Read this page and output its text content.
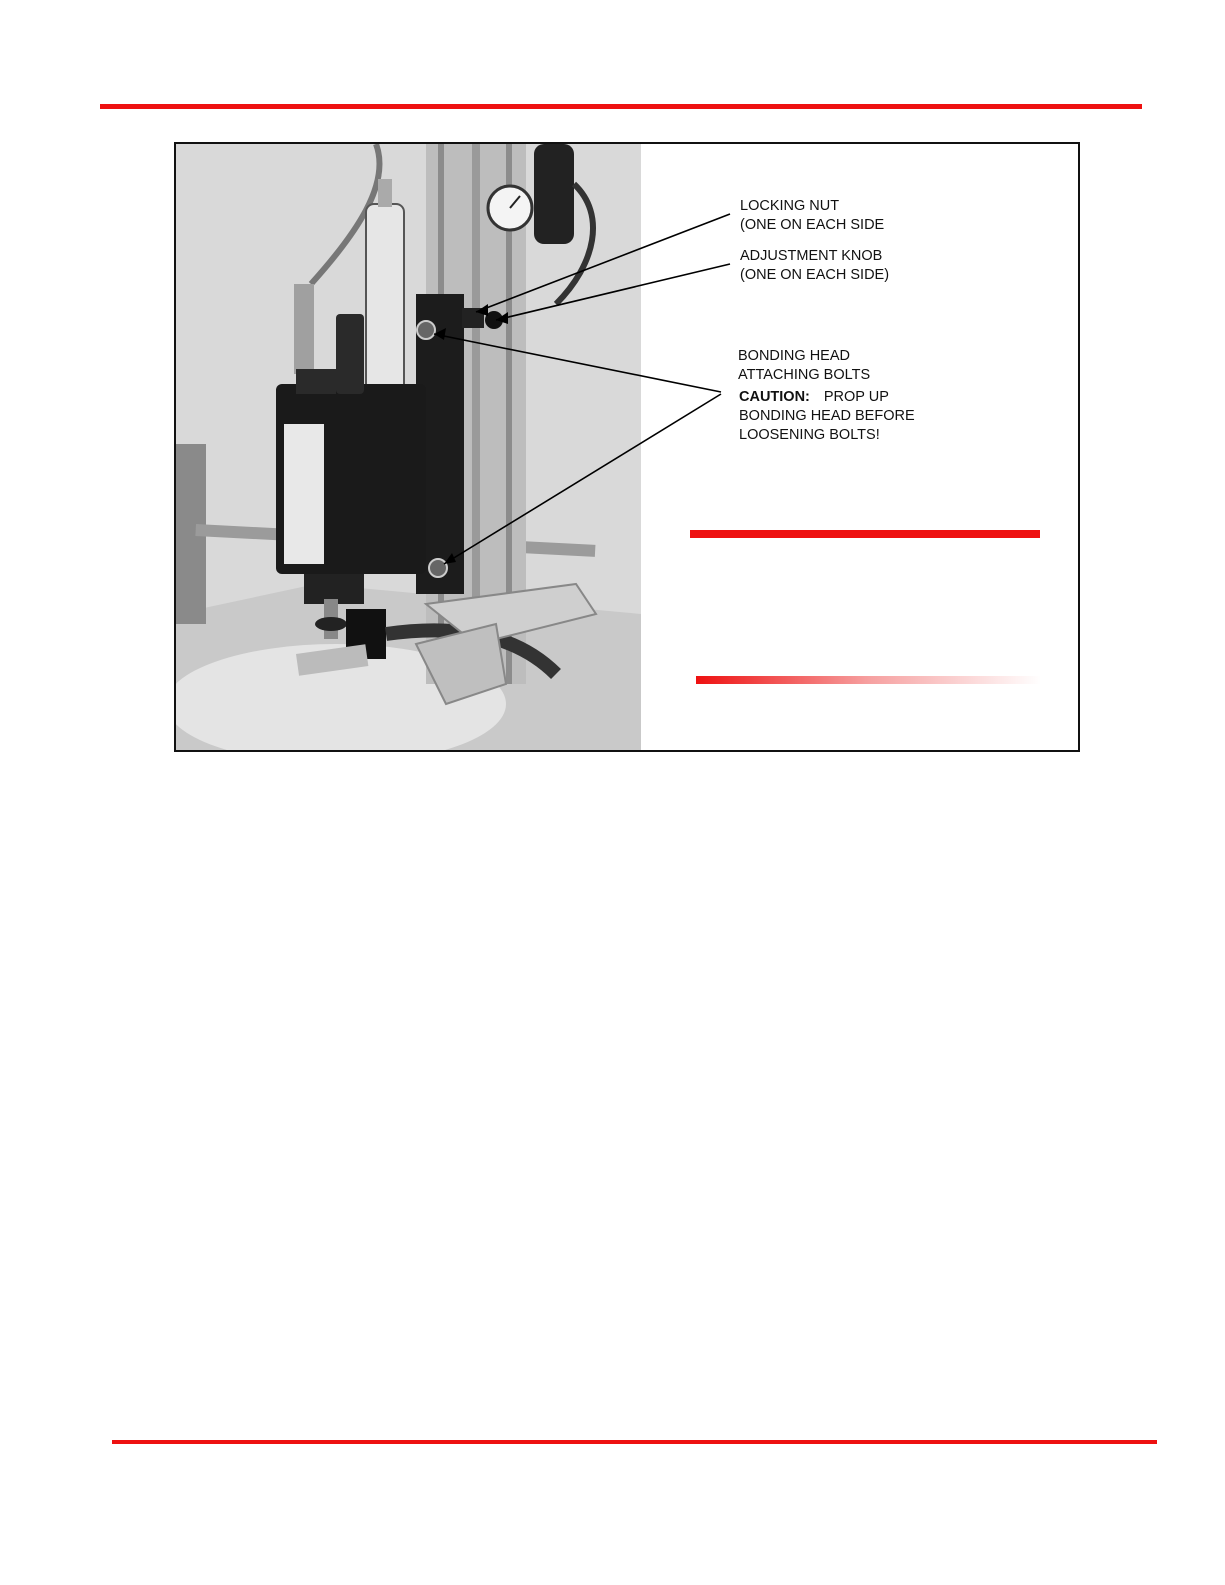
LOCKING NUT
(ONE ON EACH SIDE
ADJUSTMENT KNOB
(ONE ON EACH SIDE)
BONDING HEAD
ATTACHING BOLTS
CAUTION: PROP UP
BONDING HEAD BEFORE
LOOSENING BOLTS!
